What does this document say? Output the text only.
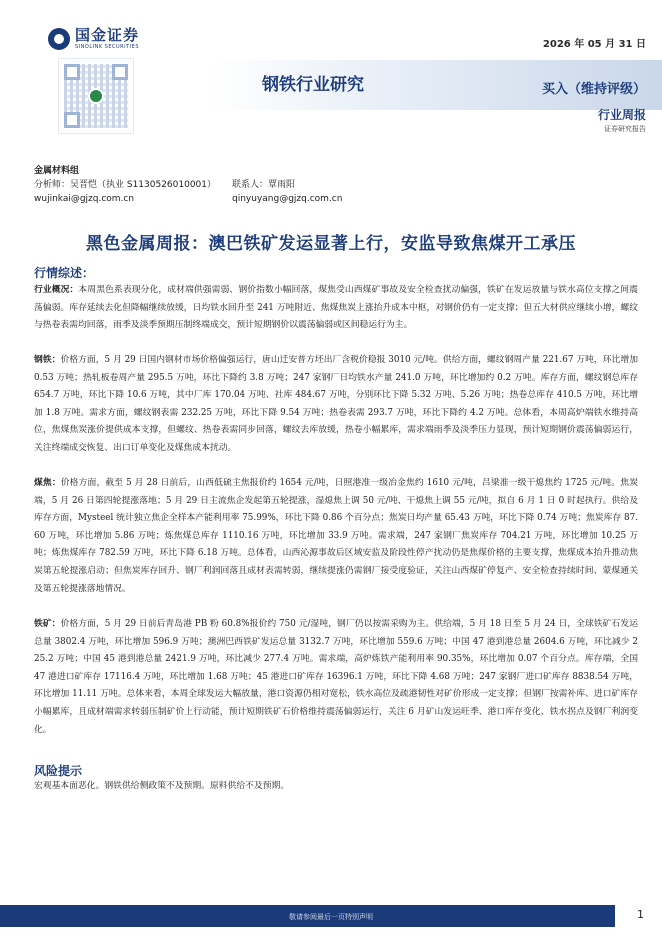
国金证券
SINOLINK SECURITIES	2026 年 05 月 31 日
钢铁行业研究	买入（维持评级）
行业周报
证券研究报告
金属材料组
分析师：吴晋恺（执业 S1130526010001） 联系人：覃雨阳
wujinkai@gjzq.com.cn	qinyuyang@gjzq.com.cn
黑色金属周报：澳巴铁矿发运显著上行，安监导致焦煤开工承压
行情综述：
行业概况：本周黑色系表现分化，成材端供强需弱、钢价指数小幅回落，煤焦受山西煤矿事故及安全检查扰动偏强，铁矿在发运放量与铁水高位支撑之间震荡偏弱。库存延续去化但降幅继续放缓，日均铁水回升至 241 万吨附近、焦煤焦炭上涨抬升成本中枢，对钢价仍有一定支撑；但五大材供应继续小增，螺纹与热卷表需均回落，雨季及淡季预期压制终端成交，预计短期钢价以震荡偏弱或区间稳运行为主。
钢铁：价格方面，5 月 29 日国内钢材市场价格偏强运行，唐山迁安普方坯出厂含税价稳报 3010 元/吨。供给方面，螺纹钢周产量 221.67 万吨，环比增加 0.53 万吨；热轧板卷周产量 295.5 万吨，环比下降约 3.8 万吨；247 家钢厂日均铁水产量 241.0 万吨，环比增加约 0.2 万吨。库存方面，螺纹钢总库存 654.7 万吨，环比下降 10.6 万吨，其中厂库 170.04 万吨、社库 484.67 万吨，分别环比下降 5.32 万吨、5.26 万吨；热卷总库存 410.5 万吨，环比增加 1.8 万吨。需求方面，螺纹钢表需 232.25 万吨，环比下降 9.54 万吨；热卷表需 293.7 万吨，环比下降约 4.2 万吨。总体看，本周高炉端铁水维持高位，焦煤焦炭涨价提供成本支撑，但螺纹、热卷表需同步回落，螺纹去库放缓，热卷小幅累库，需求端雨季及淡季压力显现，预计短期钢价震荡偏弱运行，关注终端成交恢复、出口订单变化及煤焦成本扰动。
煤焦：价格方面，截至 5 月 28 日前后，山西低硫主焦报价约 1654 元/吨，日照港准一级冶金焦约 1610 元/吨，吕梁准一级干熄焦约 1725 元/吨。焦炭端，5 月 26 日第四轮提涨落地；5 月 29 日主流焦企发起第五轮提涨，湿熄焦上调 50 元/吨、干熄焦上调 55 元/吨，拟自 6 月 1 日 0 时起执行。供给及库存方面，Mysteel 统计独立焦企全样本产能利用率 75.99%，环比下降 0.86 个百分点；焦炭日均产量 65.43 万吨，环比下降 0.74 万吨；焦炭库存 87.60 万吨，环比增加 5.86 万吨；炼焦煤总库存 1110.16 万吨，环比增加 33.9 万吨。需求端，247 家钢厂焦炭库存 704.21 万吨，环比增加 10.25 万吨；炼焦煤库存 782.59 万吨，环比下降 6.18 万吨。总体看，山西沁源事故后区域安监及阶段性停产扰动仍是焦煤价格的主要支撑，焦煤成本抬升推动焦炭第五轮提涨启动；但焦炭库存回升、钢厂利润回落且成材表需转弱，继续提涨仍需钢厂接受度验证，关注山西煤矿停复产、安全检查持续时间、蒙煤通关及第五轮提涨落地情况。
铁矿：价格方面，5 月 29 日前后青岛港 PB 粉 60.8%报价约 750 元/湿吨，钢厂仍以按需采购为主。供给端，5 月 18 日至 5 月 24 日，全球铁矿石发运总量 3802.4 万吨，环比增加 596.9 万吨；澳洲巴西铁矿发运总量 3132.7 万吨，环比增加 559.6 万吨；中国 47 港到港总量 2604.6 万吨，环比减少 225.2 万吨；中国 45 港到港总量 2421.9 万吨，环比减少 277.4 万吨。需求端，高炉炼铁产能利用率 90.35%，环比增加 0.07 个百分点。库存端，全国 47 港进口矿库存 17116.4 万吨，环比增加 1.68 万吨；45 港进口矿库存 16396.1 万吨，环比下降 4.68 万吨；247 家钢厂进口矿库存 8838.54 万吨，环比增加 11.11 万吨。总体来看，本周全球发运大幅放量，港口资源仍相对宽松，铁水高位及疏港韧性对矿价形成一定支撑；但钢厂按需补库、进口矿库存小幅累库，且成材端需求转弱压制矿价上行动能，预计短期铁矿石价格维持震荡偏弱运行，关注 6 月矿山发运旺季、港口库存变化、铁水拐点及钢厂利润变化。
风险提示
宏观基本面恶化。钢铁供给侧政策不及预期。原料供给不及预期。
敬请参阅最后一页特别声明	1
